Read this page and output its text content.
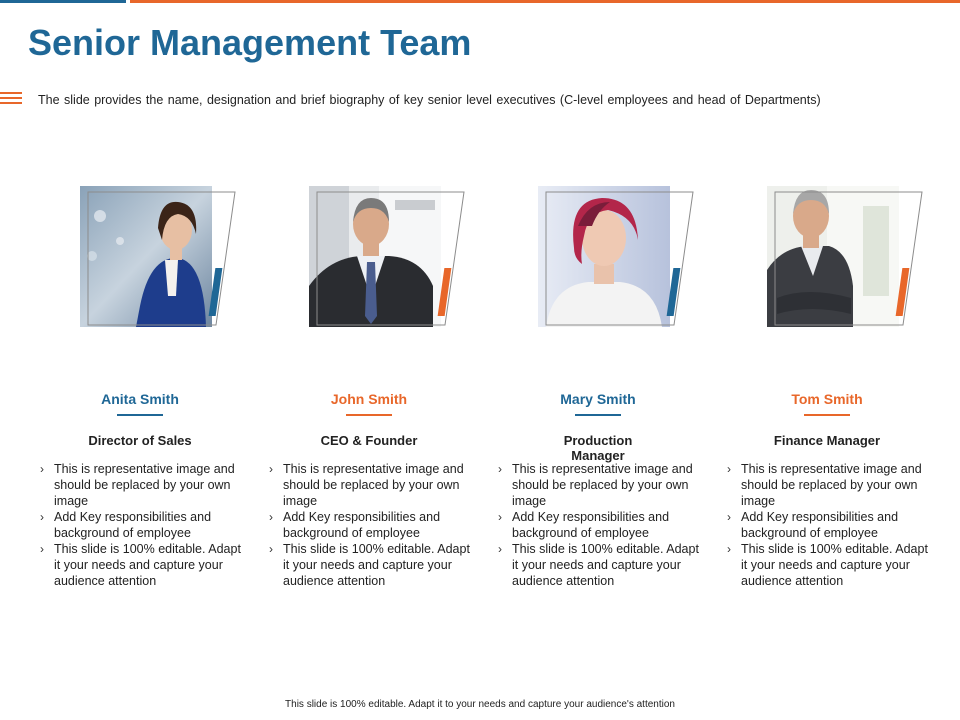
Senior Management Team
The slide provides the name, designation and brief biography of key senior level executives (C-level employees and head of Departments)
Anita Smith
Director of Sales
› This is representative image and should be replaced by your own image
› Add Key responsibilities and background of employee
› This slide is 100% editable. Adapt it your needs and capture your audience attention
John Smith
CEO & Founder
› This is representative image and should be replaced by your own image
› Add Key responsibilities and background of employee
› This slide is 100% editable. Adapt it your needs and capture your audience attention
Mary Smith
Production Manager
› This is representative image and should be replaced by your own image
› Add Key responsibilities and background of employee
› This slide is 100% editable. Adapt it your needs and capture your audience attention
Tom Smith
Finance Manager
› This is representative image and should be replaced by your own image
› Add Key responsibilities and background of employee
› This slide is 100% editable. Adapt it your needs and capture your audience attention
This slide is 100% editable. Adapt it to your needs and capture your audience's attention
